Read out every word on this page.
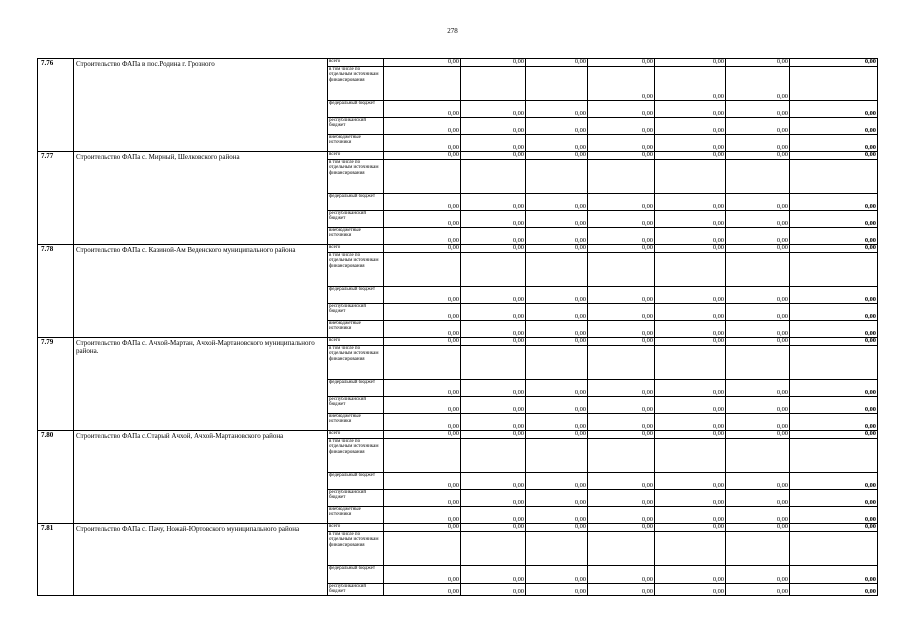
278
7.76	Строительство ФАПа в пос.Родина г. Грозного	всего	0,00	0,00	0,00	0,00	0,00	0,00	0,00
		в том числе по отдельным источникам финансирования				0,00	0,00	0,00	
		федеральный бюджет	0,00	0,00	0,00	0,00	0,00	0,00	0,00
		республиканский бюджет	0,00	0,00	0,00	0,00	0,00	0,00	0,00
		внебюджетные источники	0,00	0,00	0,00	0,00	0,00	0,00	0,00
7.77	Строительство ФАПа с. Мирный, Шелковского района	всего	0,00	0,00	0,00	0,00	0,00	0,00	0,00
		в том числе по отдельным источникам финансирования							
		федеральный бюджет	0,00	0,00	0,00	0,00	0,00	0,00	0,00
		республиканский бюджет	0,00	0,00	0,00	0,00	0,00	0,00	0,00
		внебюджетные источники	0,00	0,00	0,00	0,00	0,00	0,00	0,00
7.78	Строительство ФАПа с. Казиной-Ам Веденского муниципального района	всего	0,00	0,00	0,00	0,00	0,00	0,00	0,00
		в том числе по отдельным источникам финансирования							
		федеральный бюджет	0,00	0,00	0,00	0,00	0,00	0,00	0,00
		республиканский бюджет	0,00	0,00	0,00	0,00	0,00	0,00	0,00
		внебюджетные источники	0,00	0,00	0,00	0,00	0,00	0,00	0,00
7.79	Строительство ФАПа с. Ачхой-Мартан, Ачхой-Мартановского муниципального района.	всего	0,00	0,00	0,00	0,00	0,00	0,00	0,00
		в том числе по отдельным источникам финансирования							
		федеральный бюджет	0,00	0,00	0,00	0,00	0,00	0,00	0,00
		республиканский бюджет	0,00	0,00	0,00	0,00	0,00	0,00	0,00
		внебюджетные источники	0,00	0,00	0,00	0,00	0,00	0,00	0,00
7.80	Строительство ФАПа с.Старый Ачхой, Ачхой-Мартановского района	всего	0,00	0,00	0,00	0,00	0,00	0,00	0,00
		в том числе по отдельным источникам финансирования							
		федеральный бюджет	0,00	0,00	0,00	0,00	0,00	0,00	0,00
		республиканский бюджет	0,00	0,00	0,00	0,00	0,00	0,00	0,00
		внебюджетные источники	0,00	0,00	0,00	0,00	0,00	0,00	0,00
7.81	Строительство ФАПа с. Пачу, Ножай-Юртовского муниципального района	всего	0,00	0,00	0,00	0,00	0,00	0,00	0,00
		в том числе по отдельным источникам финансирования							
		федеральный бюджет	0,00	0,00	0,00	0,00	0,00	0,00	0,00
		республиканский бюджет	0,00	0,00	0,00	0,00	0,00	0,00	0,00
